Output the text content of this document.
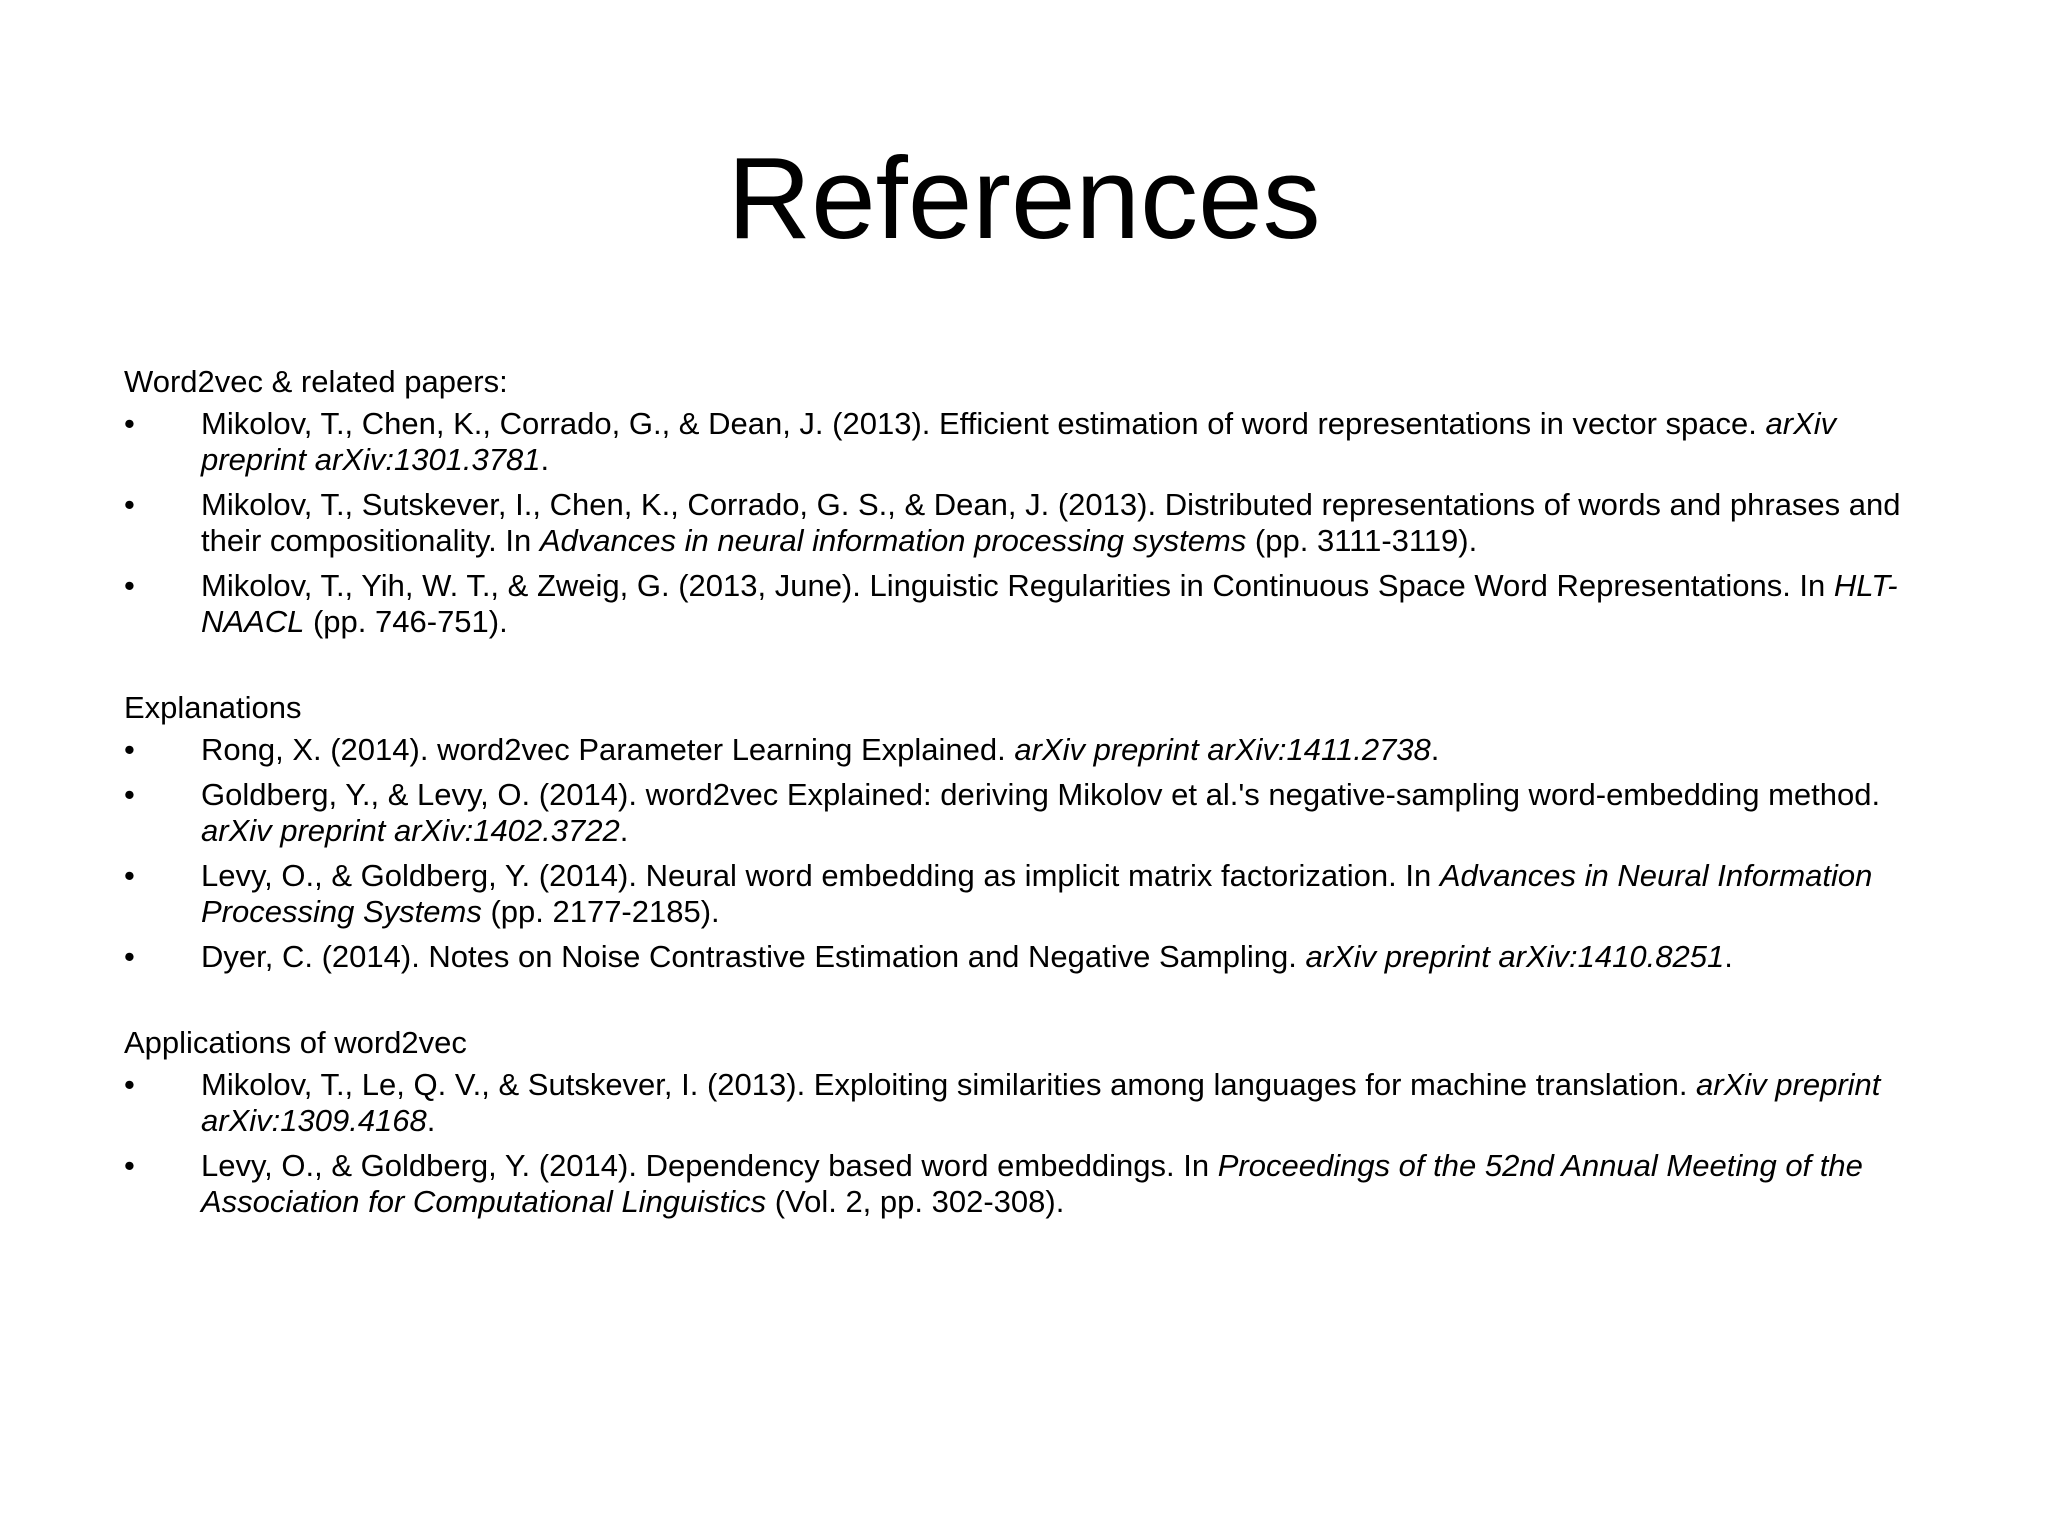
References
Word2vec & related papers:
• Mikolov, T., Chen, K., Corrado, G., & Dean, J. (2013). Efficient estimation of word representations in vector space. arXiv preprint arXiv:1301.3781.
• Mikolov, T., Sutskever, I., Chen, K., Corrado, G. S., & Dean, J. (2013). Distributed representations of words and phrases and their compositionality. In Advances in neural information processing systems (pp. 3111-3119).
• Mikolov, T., Yih, W. T., & Zweig, G. (2013, June). Linguistic Regularities in Continuous Space Word Representations. In HLT-NAACL (pp. 746-751).
Explanations
• Rong, X. (2014). word2vec Parameter Learning Explained. arXiv preprint arXiv:1411.2738.
• Goldberg, Y., & Levy, O. (2014). word2vec Explained: deriving Mikolov et al.'s negative-sampling word-embedding method. arXiv preprint arXiv:1402.3722.
• Levy, O., & Goldberg, Y. (2014). Neural word embedding as implicit matrix factorization. In Advances in Neural Information Processing Systems (pp. 2177-2185).
• Dyer, C. (2014). Notes on Noise Contrastive Estimation and Negative Sampling. arXiv preprint arXiv:1410.8251.
Applications of word2vec
• Mikolov, T., Le, Q. V., & Sutskever, I. (2013). Exploiting similarities among languages for machine translation. arXiv preprint arXiv:1309.4168.
• Levy, O., & Goldberg, Y. (2014). Dependency based word embeddings. In Proceedings of the 52nd Annual Meeting of the Association for Computational Linguistics (Vol. 2, pp. 302-308).
